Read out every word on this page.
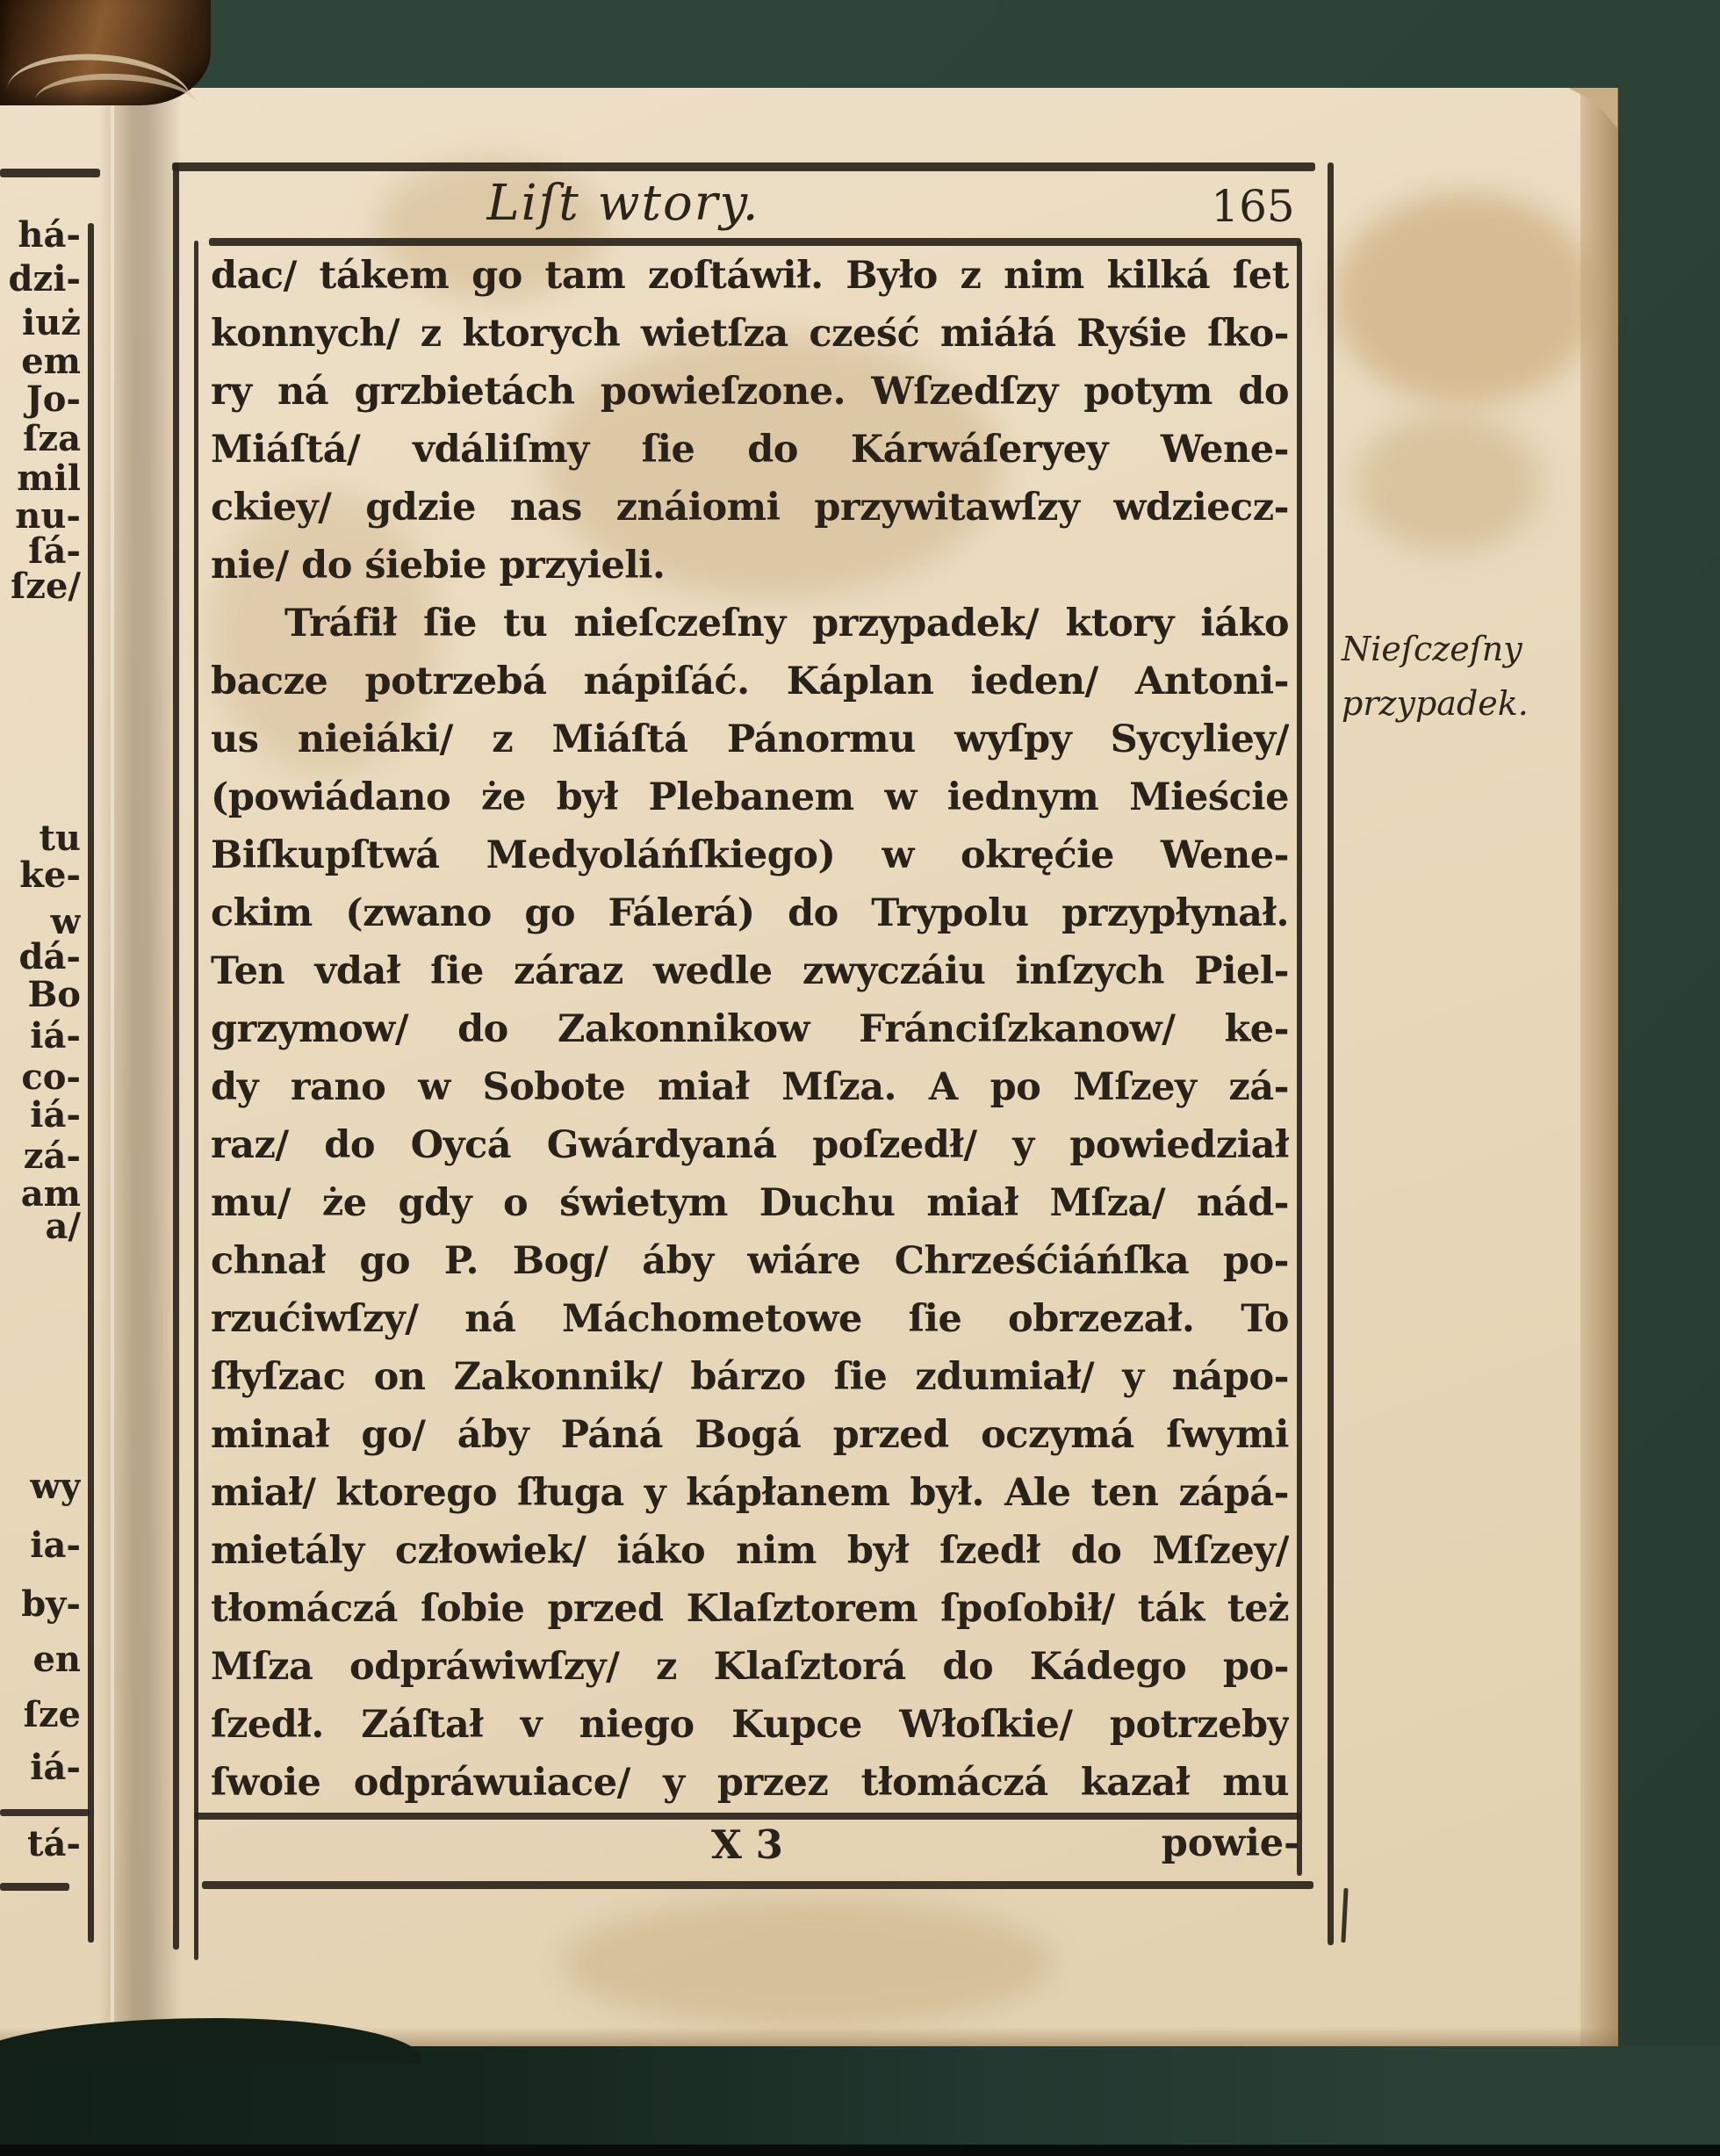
há-
dzi-
iuż
em
Jo-
ſza
mil
nu-
ſá-
ſze/
tu
ke-
w
dá-
Bo
iá-
co-
iá-
zá-
am
a/
wy
ia-
by-
en
ſze
iá-
tá-
Liſt wtory.	165
dac/ tákem go tam zoſtáwił. Było z nim kilká ſet
konnych/ z ktorych wietſza cześć miáłá Ryśie ſko-
ry ná grzbietách powieſzone. Wſzedſzy potym do
Miáſtá/ vdáliſmy ſie do Kárwáſeryey Wene-
ckiey/ gdzie nas znáiomi przywitawſzy wdziecz-
nie/ do śiebie przyieli.
Tráfił ſie tu nieſczeſny przypadek/ ktory iáko
bacze potrzebá nápiſáć. Káplan ieden/ Antoni-
us nieiáki/ z Miáſtá Pánormu wyſpy Sycyliey/
(powiádano że był Plebanem w iednym Mieście
Biſkupſtwá Medyoláńſkiego) w okręćie Wene-
ckim (zwano go Fálerá) do Trypolu przypłynał.
Ten vdał ſie záraz wedle zwyczáiu inſzych Piel-
grzymow/ do Zakonnikow Fránciſzkanow/ ke-
dy rano w Sobote miał Mſza. A po Mſzey zá-
raz/ do Oycá Gwárdyaná poſzedł/ y powiedział
mu/ że gdy o świetym Duchu miał Mſza/ nád-
chnał go P. Bog/ áby wiáre Chrześćiáńſka po-
rzućiwſzy/ ná Máchometowe ſie obrzezał. To
ſłyſzac on Zakonnik/ bárzo ſie zdumiał/ y nápo-
minał go/ áby Páná Bogá przed oczymá ſwymi
miał/ ktorego ſługa y kápłanem był. Ale ten zápá-
mietály człowiek/ iáko nim był ſzedł do Mſzey/
tłomáczá ſobie przed Klaſztorem ſpoſobił/ ták też
Mſza odpráwiwſzy/ z Klaſztorá do Kádego po-
ſzedł. Záſtał v niego Kupce Włoſkie/ potrzeby
ſwoie odpráwuiace/ y przez tłomáczá kazał mu
Nieſczeſny
przypadek.
X 3	powie-
